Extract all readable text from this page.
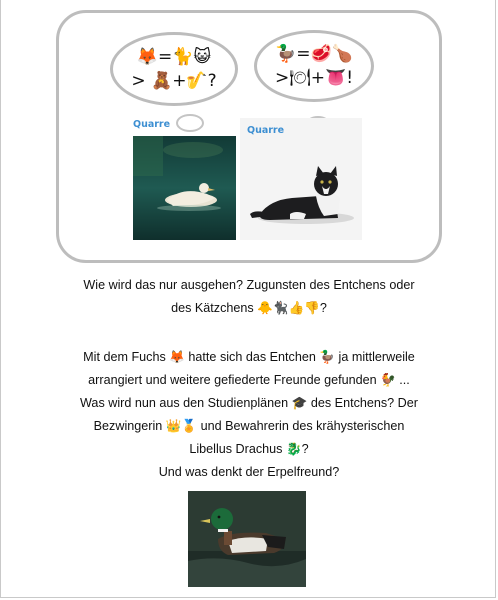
🦊=🐈😺
> 🧸+🎷?
🦆=🥩🍗
>🍽+👅!
Quarre
Quarre
Wie wird das nur ausgehen? Zugunsten des Entchens oder
des Kätzchens 🐥🐈‍⬛👍👎?
Mit dem Fuchs 🦊 hatte sich das Entchen 🦆 ja mittlerweile
arrangiert und weitere gefiederte Freunde gefunden 🐓 ...
Was wird nun aus den Studienplänen 🎓 des Entchens? Der
Bezwingerin 👑🏅 und Bewahrerin des krähysterischen
Libellus Drachus 🐉?
Und was denkt der Erpelfreund?
